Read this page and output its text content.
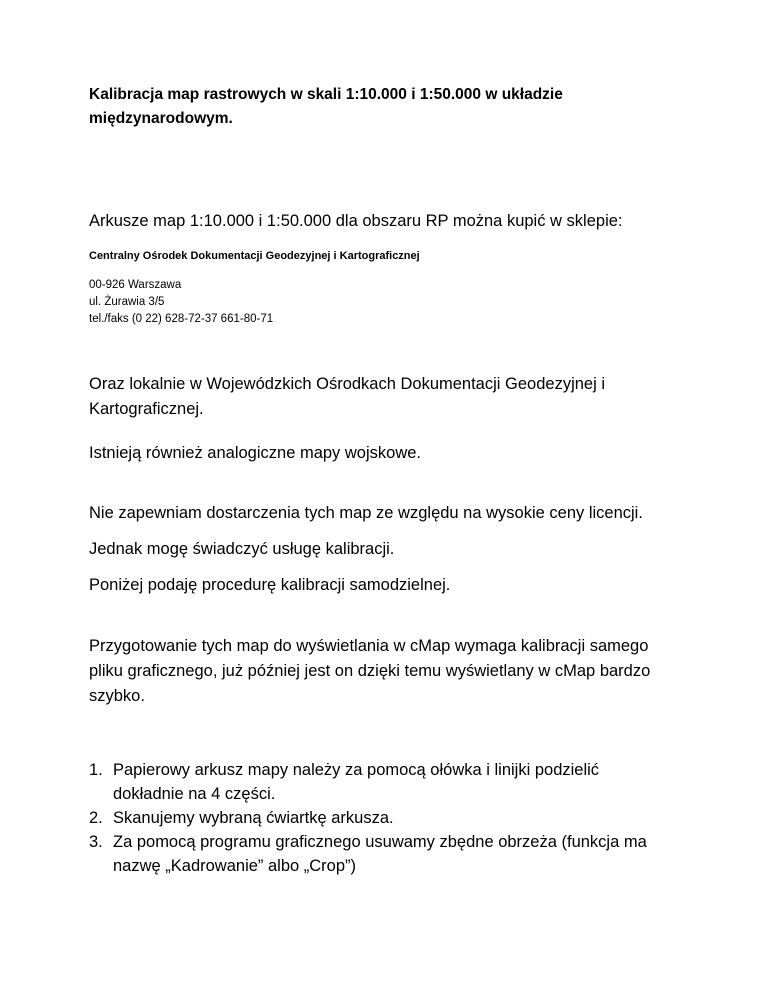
Kalibracja map rastrowych w skali 1:10.000 i 1:50.000 w układzie
międzynarodowym.
Arkusze map 1:10.000 i 1:50.000 dla obszaru RP można kupić w sklepie:
Centralny Ośrodek Dokumentacji Geodezyjnej i Kartograficznej
00-926 Warszawa
ul. Żurawia 3/5
tel./faks (0 22) 628-72-37 661-80-71
Oraz lokalnie w Wojewódzkich Ośrodkach Dokumentacji Geodezyjnej i
Kartograficznej.
Istnieją również analogiczne mapy wojskowe.
Nie zapewniam dostarczenia tych map ze względu na wysokie ceny licencji.
Jednak mogę świadczyć usługę kalibracji.
Poniżej podaję procedurę kalibracji samodzielnej.
Przygotowanie tych map do wyświetlania w cMap wymaga kalibracji samego
pliku graficznego, już później jest on dzięki temu wyświetlany w cMap bardzo
szybko.
1. Papierowy arkusz mapy należy za pomocą ołówka i linijki podzielić
dokładnie na 4 części.
2. Skanujemy wybraną ćwiartkę arkusza.
3. Za pomocą programu graficznego usuwamy zbędne obrzeża (funkcja ma
nazwę „Kadrowanie” albo „Crop”)
